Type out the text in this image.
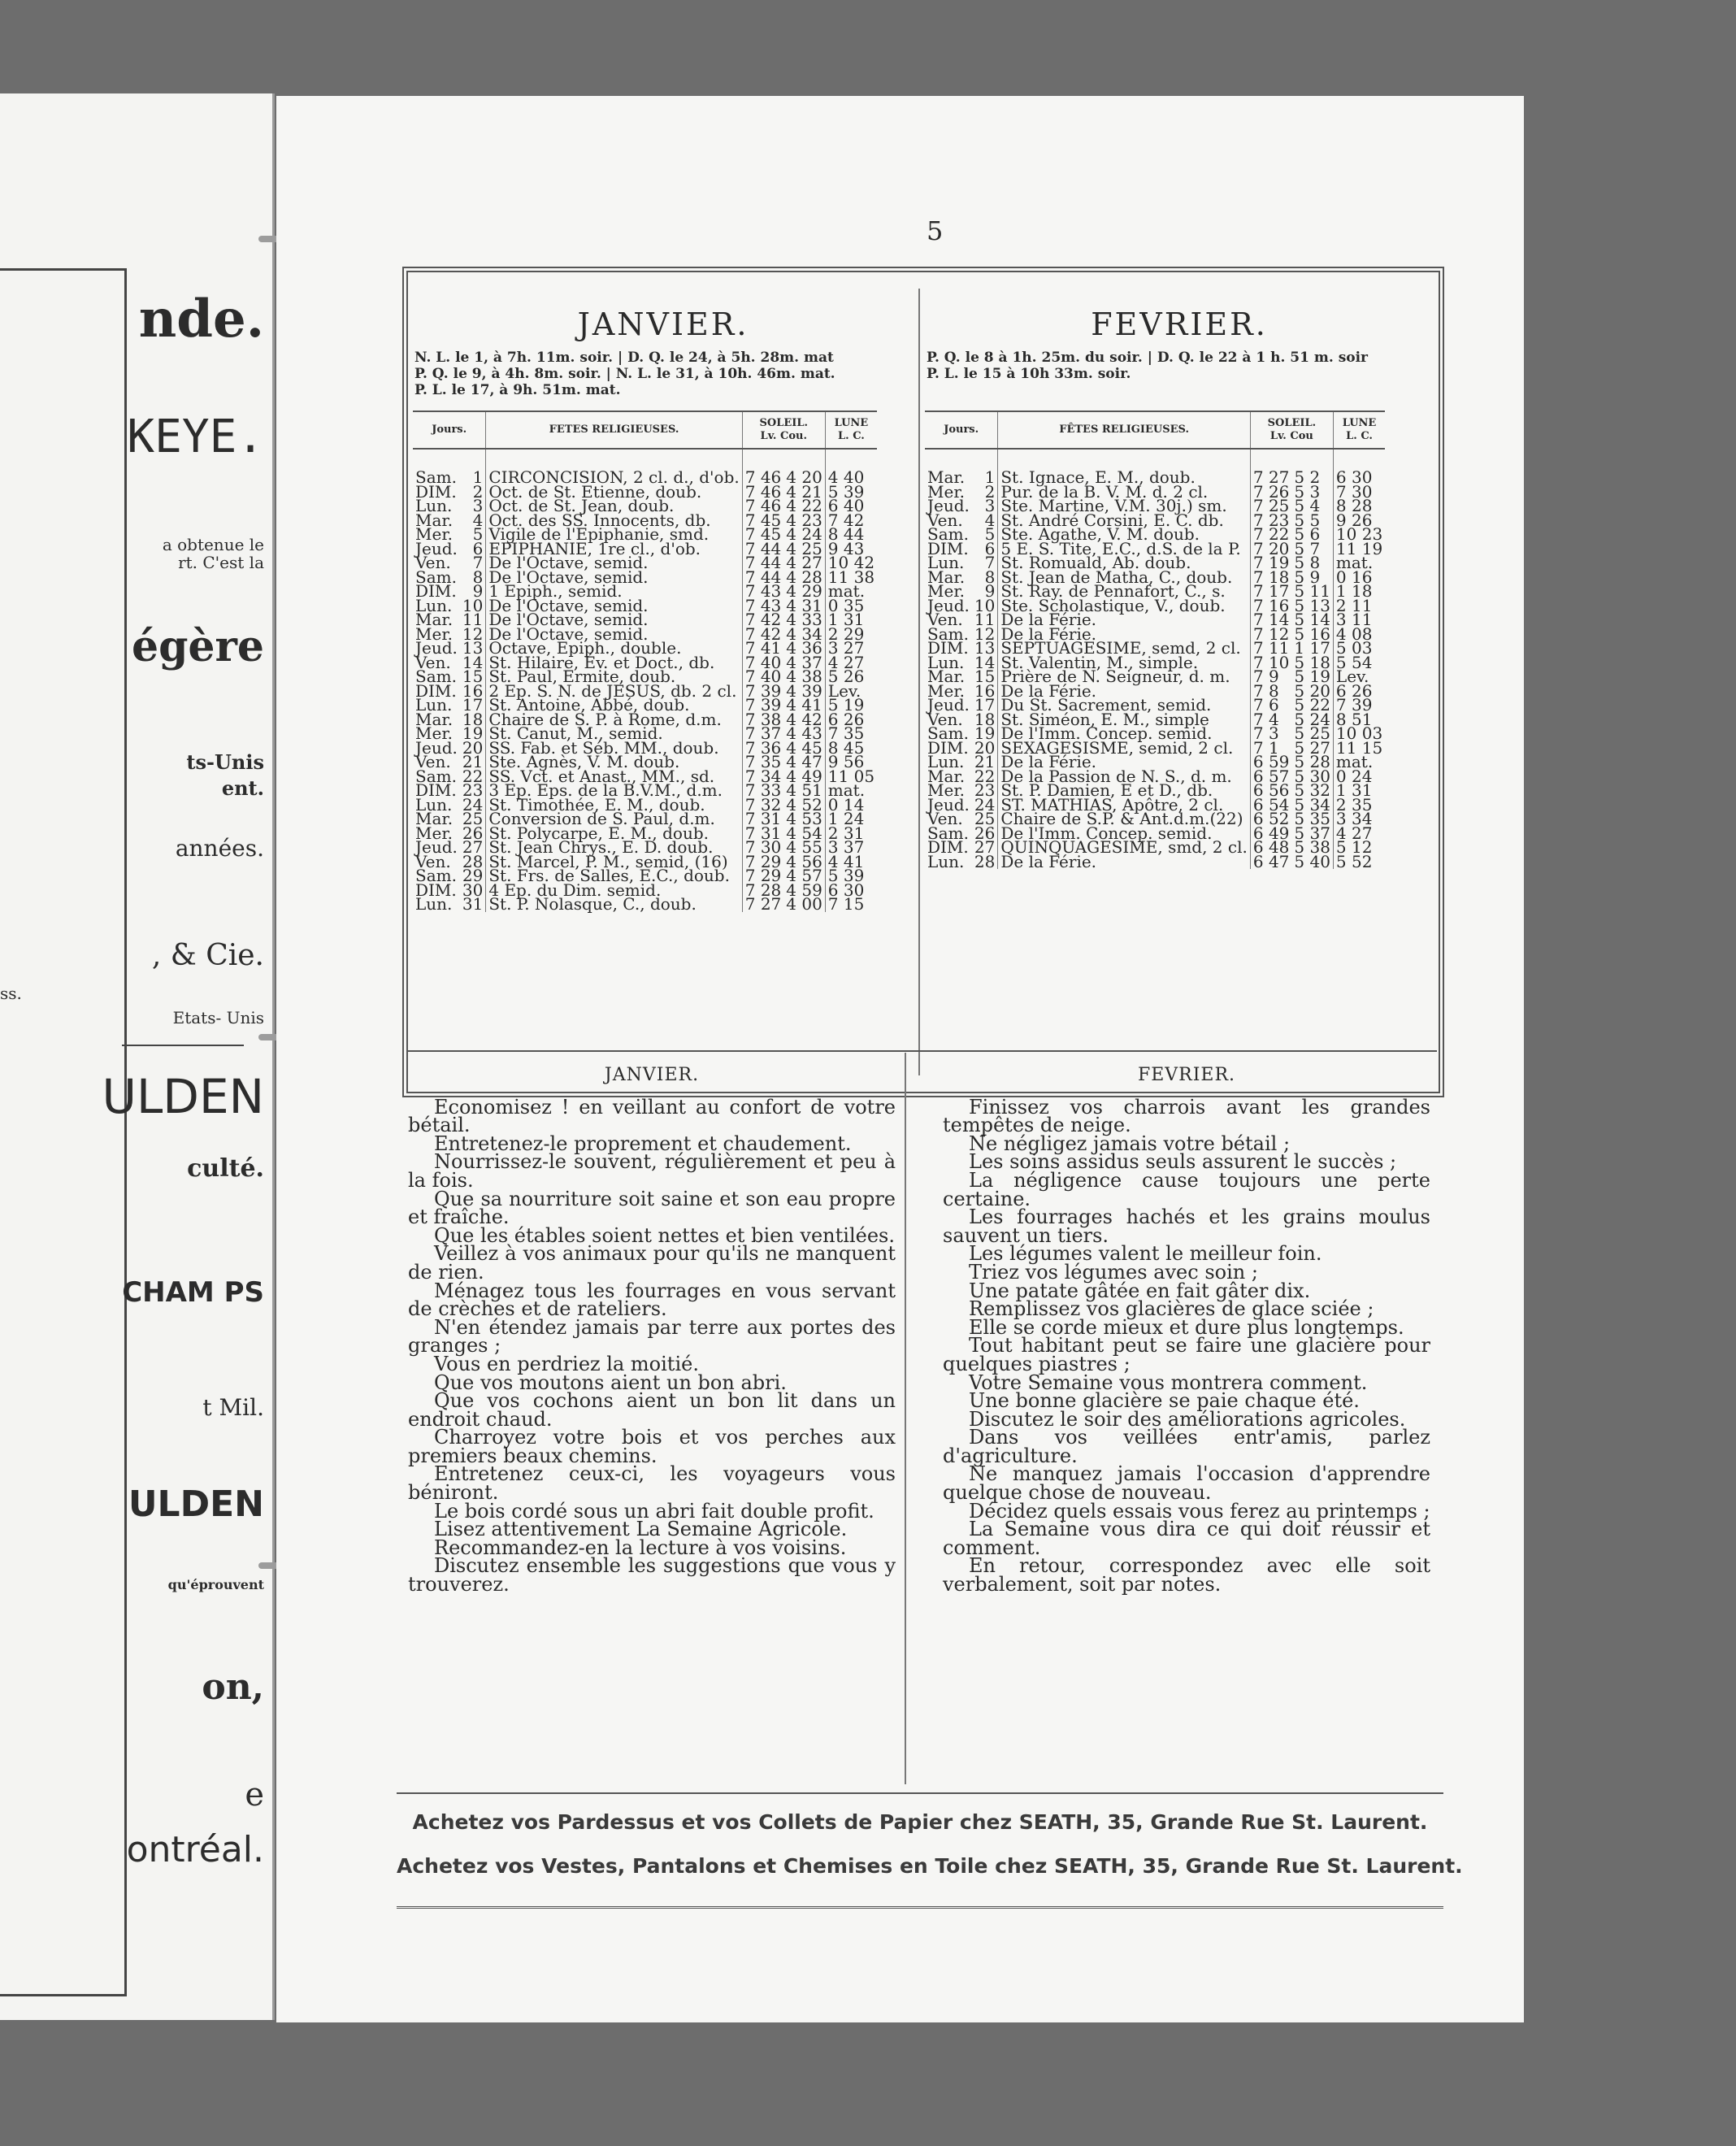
nde.
KEYE.
a obtenue le
rt. C'est la
égère
ts-Unis
ent.
années.
, & Cie.
ss.
Etats- Unis
ULDEN
culté.
CHAM PS
t Mil.
ULDEN
qu'éprouvent
on,
e
ontréal.
5
JANVIER.
N. L. le 1, à 7h. 11m. soir. | D. Q. le 24, à 5h. 28m. mat
P. Q. le 9, à 4h. 8m. soir. | N. L. le 31, à 10h. 46m. mat.
P. L. le 17, à 9h. 51m. mat.
Jours.		FETES RELIGIEUSES.	SOLEIL.
Lv. Cou.		LUNE
L. C.
Sam.	1	CIRCONCISION, 2 cl. d., d'ob.	7 46	4 20	4 40
DIM.	2	Oct. de St. Etienne, doub.	7 46	4 21	5 39
Lun.	3	Oct. de St. Jean, doub.	7 46	4 22	6 40
Mar.	4	Oct. des SS. Innocents, db.	7 45	4 23	7 42
Mer.	5	Vigile de l'Epiphanie, smd.	7 45	4 24	8 44
Jeud.	6	EPIPHANIE, 1re cl., d'ob.	7 44	4 25	9 43
Ven.	7	De l'Octave, semid.	7 44	4 27	10 42
Sam.	8	De l'Octave, semid.	7 44	4 28	11 38
DIM.	9	1 Epiph., semid.	7 43	4 29	mat.
Lun.	10	De l'Octave, semid.	7 43	4 31	0 35
Mar.	11	De l'Octave, semid.	7 42	4 33	1 31
Mer.	12	De l'Octave, semid.	7 42	4 34	2 29
Jeud.	13	Octave, Epiph., double.	7 41	4 36	3 27
Ven.	14	St. Hilaire, Év. et Doct., db.	7 40	4 37	4 27
Sam.	15	St. Paul, Ermite, doub.	7 40	4 38	5 26
DIM.	16	2 Ep. S. N. de JESUS, db. 2 cl.	7 39	4 39	Lev.
Lun.	17	St. Antoine, Abbé, doub.	7 39	4 41	5 19
Mar.	18	Chaire de S. P. à Rome, d.m.	7 38	4 42	6 26
Mer.	19	St. Canut, M., semid.	7 37	4 43	7 35
Jeud.	20	SS. Fab. et Séb. MM., doub.	7 36	4 45	8 45
Ven.	21	Ste. Agnès, V. M. doub.	7 35	4 47	9 56
Sam.	22	SS. Vct. et Anast., MM., sd.	7 34	4 49	11 05
DIM.	23	3 Ep. Eps. de la B.V.M., d.m.	7 33	4 51	mat.
Lun.	24	St. Timothée, E. M., doub.	7 32	4 52	0 14
Mar.	25	Conversion de S. Paul, d.m.	7 31	4 53	1 24
Mer.	26	St. Polycarpe, E. M., doub.	7 31	4 54	2 31
Jeud.	27	St. Jean Chrys., E. D. doub.	7 30	4 55	3 37
Ven.	28	St. Marcel, P. M., semid, (16)	7 29	4 56	4 41
Sam.	29	St. Frs. de Salles, E.C., doub.	7 29	4 57	5 39
DIM.	30	4 Ep. du Dim. semid.	7 28	4 59	6 30
Lun.	31	St. P. Nolasque, C., doub.	7 27	4 00	7 15
FEVRIER.
P. Q. le 8 à 1h. 25m. du soir. | D. Q. le 22 à 1 h. 51 m. soir
P. L. le 15 à 10h 33m. soir.
Jours.		FÊTES RELIGIEUSES.	SOLEIL.
Lv. Cou		LUNE
L. C.
Mar.	1	St. Ignace, E. M., doub.	7 27	5 2	6 30
Mer.	2	Pur. de la B. V. M. d. 2 cl.	7 26	5 3	7 30
Jeud.	3	Ste. Martine, V.M. 30j.) sm.	7 25	5 4	8 28
Ven.	4	St. André Corsini, E. C. db.	7 23	5 5	9 26
Sam.	5	Ste. Agathe, V. M. doub.	7 22	5 6	10 23
DIM.	6	5 E. S. Tite, E.C., d.S. de la P.	7 20	5 7	11 19
Lun.	7	St. Romuald, Ab. doub.	7 19	5 8	mat.
Mar.	8	St. Jean de Matha, C., doub.	7 18	5 9	0 16
Mer.	9	St. Ray. de Pennafort, C., s.	7 17	5 11	1 18
Jeud.	10	Ste. Scholastique, V., doub.	7 16	5 13	2 11
Ven.	11	De la Férie.	7 14	5 14	3 11
Sam.	12	De la Férie.	7 12	5 16	4 08
DIM.	13	SEPTUAGESIME, semd, 2 cl.	7 11	1 17	5 03
Lun.	14	St. Valentin, M., simple.	7 10	5 18	5 54
Mar.	15	Prière de N. Seigneur, d. m.	7 9	5 19	Lev.
Mer.	16	De la Férie.	7 8	5 20	6 26
Jeud.	17	Du St. Sacrement, semid.	7 6	5 22	7 39
Ven.	18	St. Siméon, E. M., simple	7 4	5 24	8 51
Sam.	19	De l'Imm. Concep. semid.	7 3	5 25	10 03
DIM.	20	SEXAGESISME, semid, 2 cl.	7 1	5 27	11 15
Lun.	21	De la Férie.	6 59	5 28	mat.
Mar.	22	De la Passion de N. S., d. m.	6 57	5 30	0 24
Mer.	23	St. P. Damien, E et D., db.	6 56	5 32	1 31
Jeud.	24	ST. MATHIAS, Apôtre, 2 cl.	6 54	5 34	2 35
Ven.	25	Chaire de S.P. & Ant.d.m.(22)	6 52	5 35	3 34
Sam.	26	De l'Imm. Concep. semid.	6 49	5 37	4 27
DIM.	27	QUINQUAGESIME, smd, 2 cl.	6 48	5 38	5 12
Lun.	28	De la Férie.	6 47	5 40	5 52
JANVIER.

Economisez ! en veillant au confort de votre bétail.

Entretenez-le proprement et chaudement.

Nourrissez-le souvent, régulièrement et peu à la fois.

Que sa nourriture soit saine et son eau propre et fraîche.

Que les étables soient nettes et bien ventilées.

Veillez à vos animaux pour qu'ils ne manquent de rien.

Ménagez tous les fourrages en vous servant de crèches et de rateliers.

N'en étendez jamais par terre aux portes des granges ;

Vous en perdriez la moitié.

Que vos moutons aient un bon abri.

Que vos cochons aient un bon lit dans un endroit chaud.

Charroyez votre bois et vos perches aux premiers beaux chemins.

Entretenez ceux-ci, les voyageurs vous béniront.

Le bois cordé sous un abri fait double profit.

Lisez attentivement La Semaine Agricole.

Recommandez-en la lecture à vos voisins.

Discutez ensemble les suggestions que vous y trouverez.

FEVRIER.

Finissez vos charrois avant les grandes tempêtes de neige.

Ne négligez jamais votre bétail ;

Les soins assidus seuls assurent le succès ;

La négligence cause toujours une perte certaine.

Les fourrages hachés et les grains moulus sauvent un tiers.

Les légumes valent le meilleur foin.

Triez vos légumes avec soin ;

Une patate gâtée en fait gâter dix.

Remplissez vos glacières de glace sciée ;

Elle se corde mieux et dure plus longtemps.

Tout habitant peut se faire une glacière pour quelques piastres ;

Votre Semaine vous montrera comment.

Une bonne glacière se paie chaque été.

Discutez le soir des améliorations agricoles.

Dans vos veillées entr'amis, parlez d'agriculture.

Ne manquez jamais l'occasion d'apprendre quelque chose de nouveau.

Décidez quels essais vous ferez au printemps ;

La Semaine vous dira ce qui doit réussir et comment.

En retour, correspondez avec elle soit verbalement, soit par notes.

Achetez vos Pardessus et vos Collets de Papier chez SEATH, 35, Grande Rue St. Laurent.
Achetez vos Vestes, Pantalons et Chemises en Toile chez SEATH, 35, Grande Rue St. Laurent.
